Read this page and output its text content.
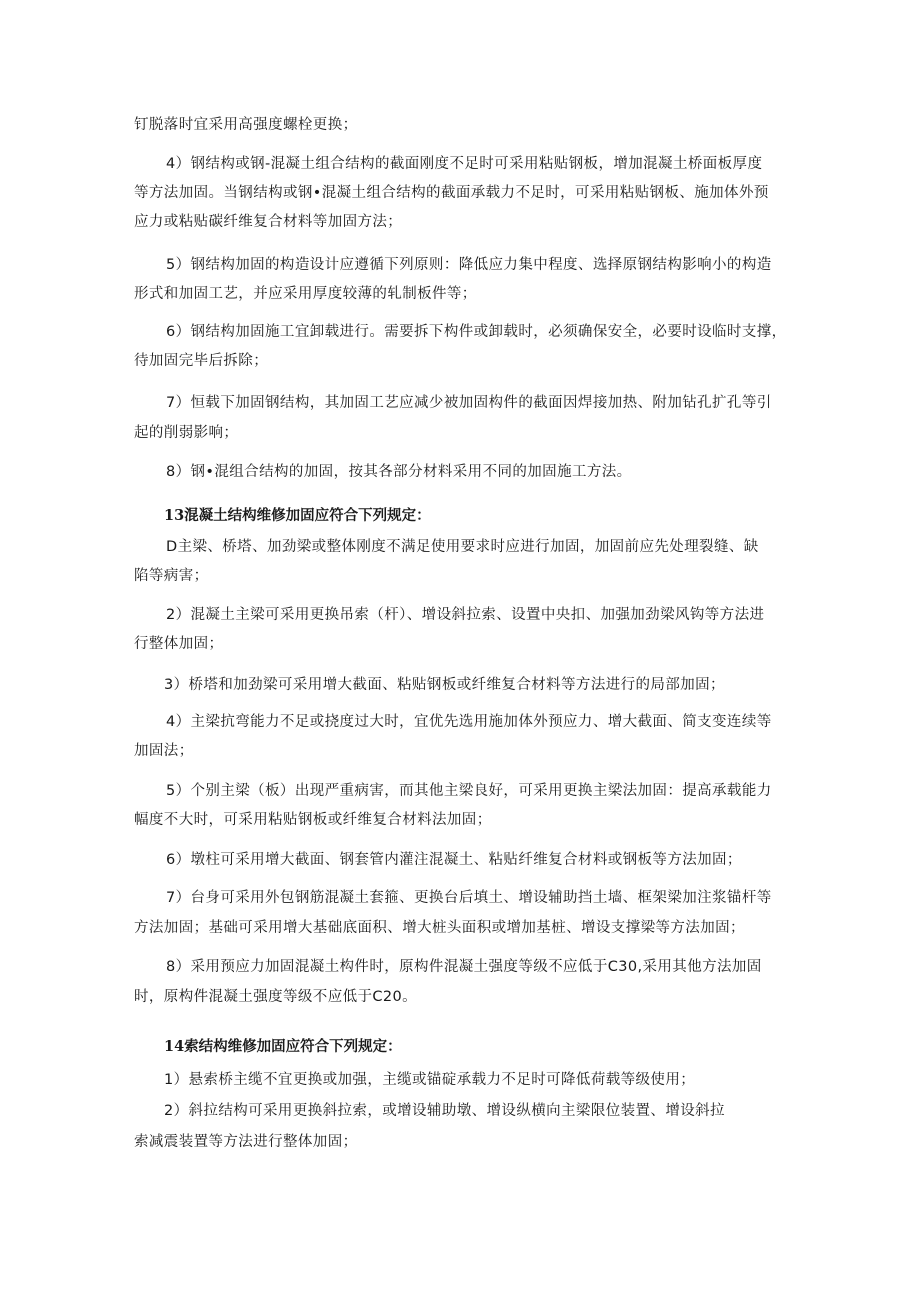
钉脱落时宜采用高强度螺栓更换；
4）钢结构或钢-混凝土组合结构的截面刚度不足时可采用粘贴钢板，增加混凝土桥面板厚度
等方法加固。当钢结构或钢•混凝土组合结构的截面承载力不足时，可采用粘贴钢板、施加体外预
应力或粘贴碳纤维复合材料等加固方法；
5）钢结构加固的构造设计应遵循下列原则：降低应力集中程度、选择原钢结构影响小的构造
形式和加固工艺，并应采用厚度较薄的轧制板件等；
6）钢结构加固施工宜卸载进行。需要拆下构件或卸载时，必须确保安全，必要时设临时支撑，
待加固完毕后拆除；
7）恒载下加固钢结构，其加固工艺应减少被加固构件的截面因焊接加热、附加钻孔扩孔等引
起的削弱影响；
8）钢•混组合结构的加固，按其各部分材料采用不同的加固施工方法。
13混凝土结构维修加固应符合下列规定：
D主梁、桥塔、加劲梁或整体刚度不满足使用要求时应进行加固，加固前应先处理裂缝、缺
陷等病害；
2）混凝土主梁可采用更换吊索（杆）、增设斜拉索、设置中央扣、加强加劲梁风钩等方法进
行整体加固；
3）桥塔和加劲梁可采用增大截面、粘贴钢板或纤维复合材料等方法进行的局部加固；
4）主梁抗弯能力不足或挠度过大时，宜优先选用施加体外预应力、增大截面、简支变连续等
加固法；
5）个别主梁（板）出现严重病害，而其他主梁良好，可采用更换主梁法加固：提高承载能力
幅度不大时，可采用粘贴钢板或纤维复合材料法加固；
6）墩柱可采用增大截面、钢套管内灌注混凝土、粘贴纤维复合材料或钢板等方法加固；
7）台身可采用外包钢筋混凝土套箍、更换台后填土、增设辅助挡土墙、框架梁加注浆锚杆等
方法加固；基础可采用增大基础底面积、增大桩头面积或增加基桩、增设支撑梁等方法加固；
8）采用预应力加固混凝土构件时，原构件混凝土强度等级不应低于C30,采用其他方法加固
时，原构件混凝土强度等级不应低于C20。
14索结构维修加固应符合下列规定：
1）悬索桥主缆不宜更换或加强，主缆或锚碇承载力不足时可降低荷载等级使用；
2）斜拉结构可采用更换斜拉索，或增设辅助墩、增设纵横向主梁限位装置、增设斜拉
索减震装置等方法进行整体加固；
